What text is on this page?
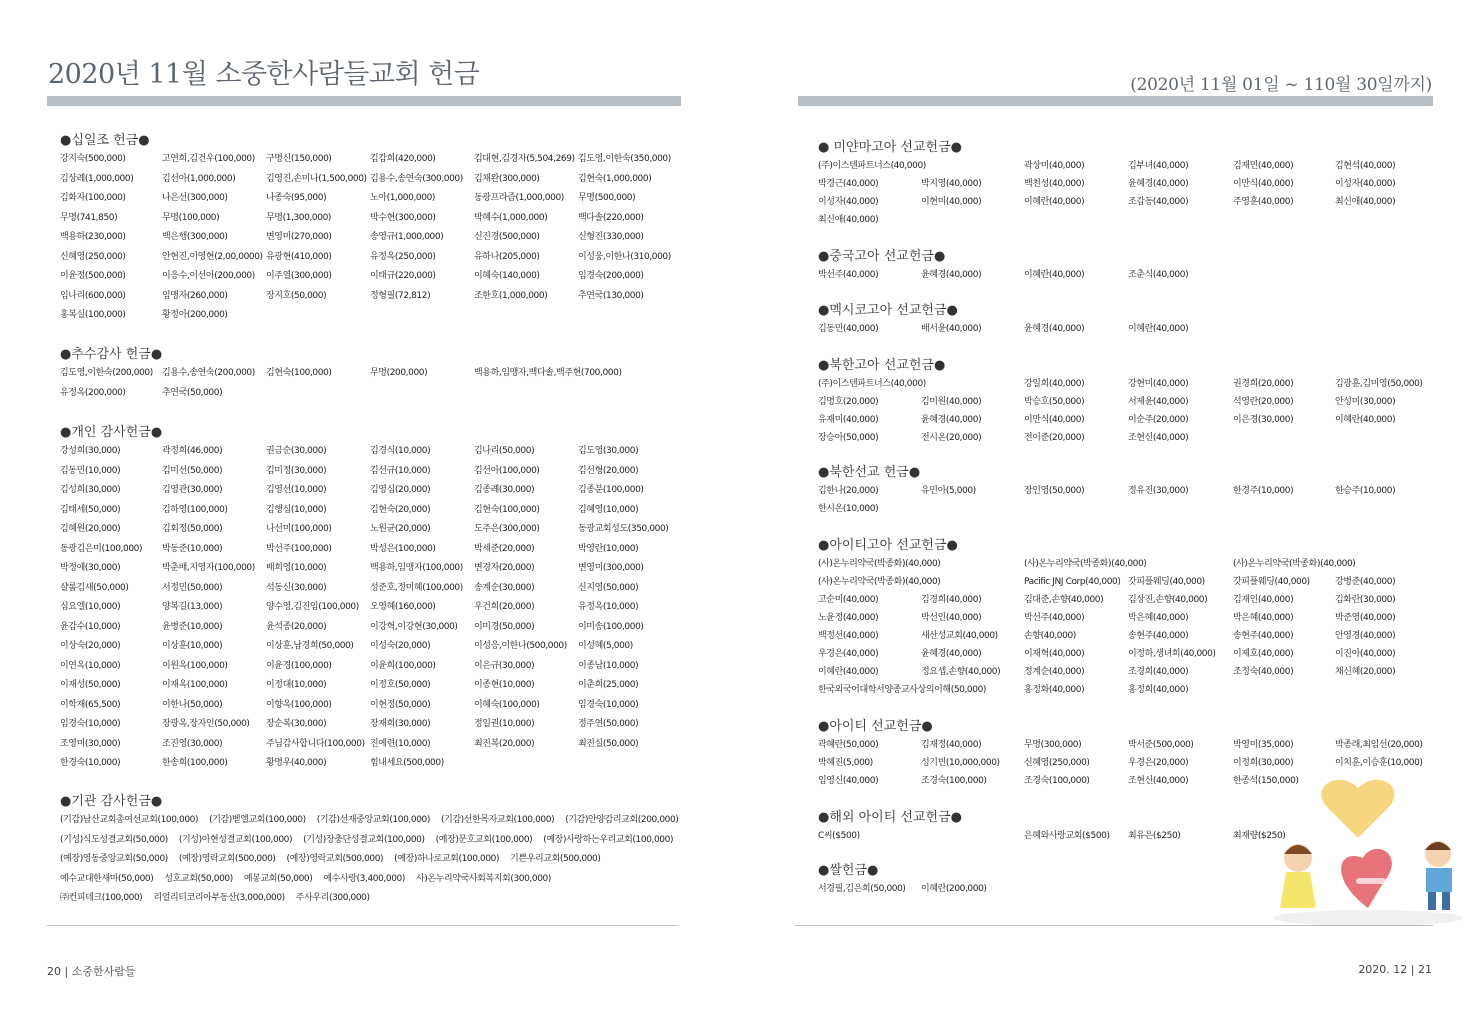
2020년 11월 소중한사람들교회 헌금
●십일조 헌금●
강지숙(500,000)	고연희,김건우(100,000) 구명신(150,000)	김감희(420,000)	김대현,김경자(5,504,269) 김도영,이한숙(350,000)
김상례(1,000,000)	김선아(1,000,000)	김영진,손미나(1,500,000) 김용수,송연숙(300,000) 김채완(300,000)	김현숙(1,000,000)
김화자(100,000)	나은선(300,000)	나종숙(95,000)	노아(1,000,000)	동광프라즘(1,000,000) 무명(500,000)
무명(741,850)	무명(100,000)	무명(1,300,000)	박수현(300,000)	박혜수(1,000,000)	백다솔(220,000)
백용하(230,000)	백은행(300,000)	변영미(270,000)	송영규(1,000,000)	신진경(500,000)	신형진(330,000)
신혜영(250,000)	안현진,이영현(2,00,0000) 유광현(410,000)	유정옥(250,000)	유하나(205,000)	이성웅,이한나(310,000)
이윤정(500,000)	이응수,이선아(200,000) 이주열(300,000)	이태규(220,000)	이혜숙(140,000)	임경숙(200,000)
임나리(600,000)	임맹자(260,000)	장지호(50,000)	정형필(72,812)	조한호(1,000,000)	추연국(130,000)
홍복실(100,000)	황정아(200,000)
●추수감사 헌금●
김도영,이한숙(200,000) 김용수,송연숙(200,000) 김현숙(100,000)	무명(200,000)	백용하,임맹자,백다솔,백주현(700,000)
유정옥(200,000)	추연국(50,000)
●개인 감사헌금●
강성희(30,000)	곽정희(46,000)	권금순(30,000)	김경식(10,000)	김나리(50,000)	김도영(30,000)
김동민(10,000)	김미선(50,000)	김미정(30,000)	김선규(10,000)	김선아(100,000)	김선형(20,000)
김성희(30,000)	김영관(30,000)	김영선(10,000)	김영심(20,000)	김종례(30,000)	김종분(100,000)
김태세(50,000)	김하영(100,000)	김행심(10,000)	김현숙(20,000)	김현숙(100,000)	김혜영(10,000)
김혜원(20,000)	김회정(50,000)	나선미(100,000)	노원균(20,000)	도주은(300,000)	동광교회성도(350,000)
동광김은미(100,000) 박동준(10,000)	박선주(100,000)	박성은(100,000)	박세준(20,000)	박영란(10,000)
박정애(30,000)	박춘배,지영자(100,000) 배희영(10,000)	백용하,임맹자(100,000) 변경자(20,000)	변영미(300,000)
샬롬김새(50,000)	서정민(50,000)	석동신(30,000)	성준호,정미혜(100,000) 송계순(30,000)	신지영(50,000)
심요엘(10,000)	양복길(13,000)	양수영,김진임(100,000) 오영혜(160,000)	우건희(20,000)	유정옥(10,000)
윤감수(10,000)	윤병준(10,000)	윤석종(20,000)	이강혁,이강현(30,000) 이미경(50,000)	이미송(100,000)
이상숙(20,000)	이상훈(10,000)	이상훈,남경희(50,000) 이성숙(20,000)	이성응,이한나(500,000) 이성혜(5,000)
이연옥(10,000)	이원옥(100,000)	이윤경(100,000)	이윤희(100,000)	이은규(30,000)	이종남(10,000)
이재성(50,000)	이재옥(100,000)	이정대(10,000)	이정호(50,000)	이종현(10,000)	이춘희(25,000)
이학재(65,500)	이한나(50,000)	이향옥(100,000)	이현정(50,000)	이혜숙(100,000)	임경숙(10,000)
임경숙(10,000)	장광옥,장자인(50,000) 장순복(30,000)	장재희(30,000)	정일권(10,000)	정주연(50,000)
조영미(30,000)	조진영(30,000)	주님감사합니다(100,000) 진예련(10,000)	최진복(20,000)	최진실(50,000)
한경숙(10,000)	한송희(100,000)	황명우(40,000)	힘내세요(500,000)
●기관 감사헌금●
(기감)남산교회총여선교회(100,000) (기감)벧엘교회(100,000) (기감)선재중앙교회(100,000) (기감)선한목자교회(100,000) (기감)안양감리교회(200,000)
(기성)식도성결교회(50,000) (기성)아현성결교회(100,000) (기성)장충단성결교회(100,000) (예장)문호교회(100,000) (예장)사랑하는우리교회(100,000)
(예장)영동중앙교회(50,000) (예장)영락교회(500,000) (예장)영락교회(500,000) (예장)하나로교회(100,000) 기쁜우리교회(500,000)
예수교대한새마(50,000) 성호교회(50,000) 예봉교회(50,000) 예수사랑(3,400,000) 사)온누리약국사회복지회(300,000)
㈜컨피테크(100,000) 리얼리티코리아부동산(3,000,000) 주사우리(300,000)
20 | 소중한사람들
(2020년 11월 01일 ~ 110월 30일까지)
● 미얀마고아 선교헌금●
(주)이스텐파트너스(40,000)	곽상미(40,000)	김부녀(40,000)	김재민(40,000)	김현석(40,000)
박경근(40,000)	박지영(40,000)	백천성(40,000)	윤혜경(40,000)	이만식(40,000)	이성자(40,000)
이성자(40,000)	이현미(40,000)	이혜란(40,000)	조갑동(40,000)	주영훈(40,000)	최신애(40,000)
최신애(40,000)
●중국고아 선교헌금●
박선주(40,000)	윤혜경(40,000)	이혜란(40,000)	조춘식(40,000)
●멕시코고아 선교헌금●
김동민(40,000)	배서윤(40,000)	윤혜경(40,000)	이혜란(40,000)
●북한고아 선교헌금●
(주)이스텐파트너스(40,000)	강일희(40,000)	강현미(40,000)	권경희(20,000)	김광훈,김미영(50,000)
김명호(20,000)	김미원(40,000)	박승호(50,000)	서제윤(40,000)	석영란(20,000)	안성미(30,000)
유재미(40,000)	윤혜경(40,000)	이만식(40,000)	이순주(20,000)	이은경(30,000)	이혜란(40,000)
장승아(50,000)	전시온(20,000)	전이준(20,000)	조현신(40,000)
●북한선교 헌금●
김한나(20,000)	유민아(5,000)	장인영(50,000)	정유진(30,000)	한경주(10,000)	한승주(10,000)
한시온(10,000)
●아이티고아 선교헌금●
(사)온누리약국(박종화)(40,000)	(사)온누리약국(박종화)(40,000)	(사)온누리약국(박종화)(40,000)
(사)온누리약국(박종화)(40,000)	Pacific JNJ Corp(40,000) 갓피플웨딩(40,000)	갓피플웨딩(40,000)	강병준(40,000)
고순미(40,000)	김경희(40,000)	김대준,손향(40,000)	김상진,손향(40,000)	김재인(40,000)	김화란(30,000)
노윤정(40,000)	박선인(40,000)	박선주(40,000)	박은혜(40,000)	박은혜(40,000)	박준영(40,000)
백정선(40,000)	새산성교회(40,000)	손향(40,000)	송현주(40,000)	송현주(40,000)	안영경(40,000)
우경은(40,000)	윤혜경(40,000)	이재혁(40,000)	이정하,생녀희(40,000) 이제호(40,000)	이진아(40,000)
이혜란(40,000)	정요셉,손향(40,000)	정계순(40,000)	조경희(40,000)	조정숙(40,000)	채신혜(20,000)
한국외국어대학서양종교사상의이해(50,000)	홍정화(40,000)	홍정희(40,000)
●아이티 선교헌금●
곽혜란(50,000)	김재정(40,000)	무명(300,000)	박서준(500,000)	박영미(35,000)	박종래,최임선(20,000)
박혜진(5,000)	성기빈(10,000,000)	신혜영(250,000)	우경은(20,000)	이정희(30,000)	이치훈,이승훈(10,000)
임영신(40,000)	조경숙(100,000)	조경숙(100,000)	조현신(40,000)	한종석(150,000)
●해외 아이티 선교헌금●
C씨($500)	은혜와사랑교회($500) 최유은($250)	최재량($250)
●쌀헌금●
서경필,김은희(50,000) 이혜란(200,000)
2020. 12 | 21
